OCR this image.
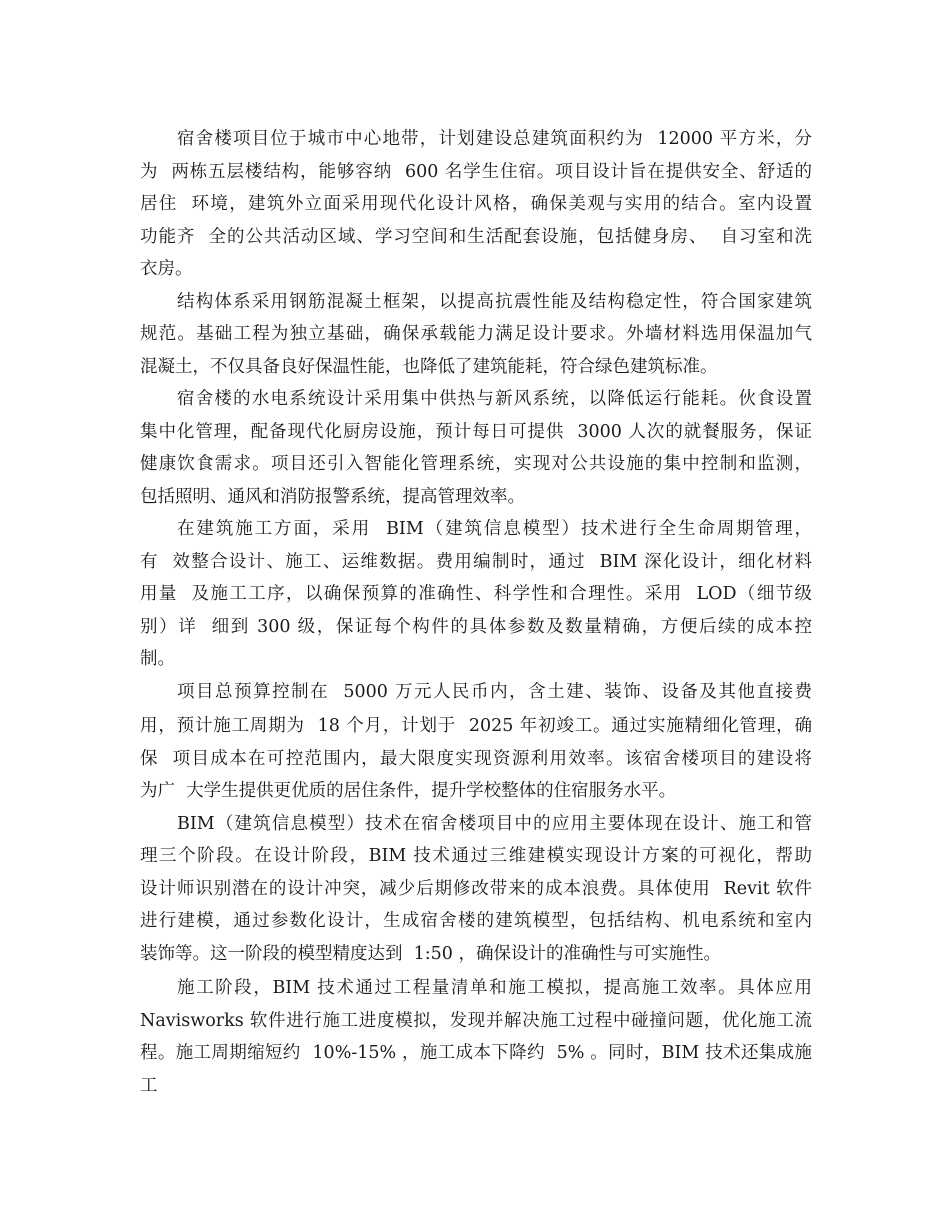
宿舍楼项目位于城市中心地带，计划建设总建筑面积约为  12000 平方米，分
为  两栋五层楼结构，能够容纳  600 名学生住宿。项目设计旨在提供安全、舒适的
居住  环境，建筑外立面采用现代化设计风格，确保美观与实用的结合。室内设置
功能齐  全的公共活动区域、学习空间和生活配套设施，包括健身房、  自习室和洗
衣房。
结构体系采用钢筋混凝土框架，以提高抗震性能及结构稳定性，符合国家建筑
规范。基础工程为独立基础，确保承载能力满足设计要求。外墙材料选用保温加气
混凝土，不仅具备良好保温性能，也降低了建筑能耗，符合绿色建筑标准。
宿舍楼的水电系统设计采用集中供热与新风系统，以降低运行能耗。伙食设置
集中化管理，配备现代化厨房设施，预计每日可提供  3000 人次的就餐服务，保证
健康饮食需求。项目还引入智能化管理系统，实现对公共设施的集中控制和监测，
包括照明、通风和消防报警系统，提高管理效率。
在建筑施工方面，采用  BIM（建筑信息模型）技术进行全生命周期管理，
有  效整合设计、施工、运维数据。费用编制时，通过  BIM 深化设计，细化材料
用量  及施工工序，以确保预算的准确性、科学性和合理性。采用  LOD（细节级
别）详  细到 300 级，保证每个构件的具体参数及数量精确，方便后续的成本控
制。
项目总预算控制在  5000 万元人民币内，含土建、装饰、设备及其他直接费
用，预计施工周期为  18 个月，计划于  2025 年初竣工。通过实施精细化管理，确
保  项目成本在可控范围内，最大限度实现资源利用效率。该宿舍楼项目的建设将
为广  大学生提供更优质的居住条件，提升学校整体的住宿服务水平。
BIM（建筑信息模型）技术在宿舍楼项目中的应用主要体现在设计、施工和管
理三个阶段。在设计阶段，BIM 技术通过三维建模实现设计方案的可视化，帮助
设计师识别潜在的设计冲突，减少后期修改带来的成本浪费。具体使用  Revit 软件
进行建模，通过参数化设计，生成宿舍楼的建筑模型，包括结构、机电系统和室内
装饰等。这一阶段的模型精度达到  1:50 ，确保设计的准确性与可实施性。
施工阶段，BIM 技术通过工程量清单和施工模拟，提高施工效率。具体应用
Navisworks 软件进行施工进度模拟，发现并解决施工过程中碰撞问题，优化施工流
程。施工周期缩短约  10%-15% ，施工成本下降约  5% 。同时，BIM 技术还集成施
工
